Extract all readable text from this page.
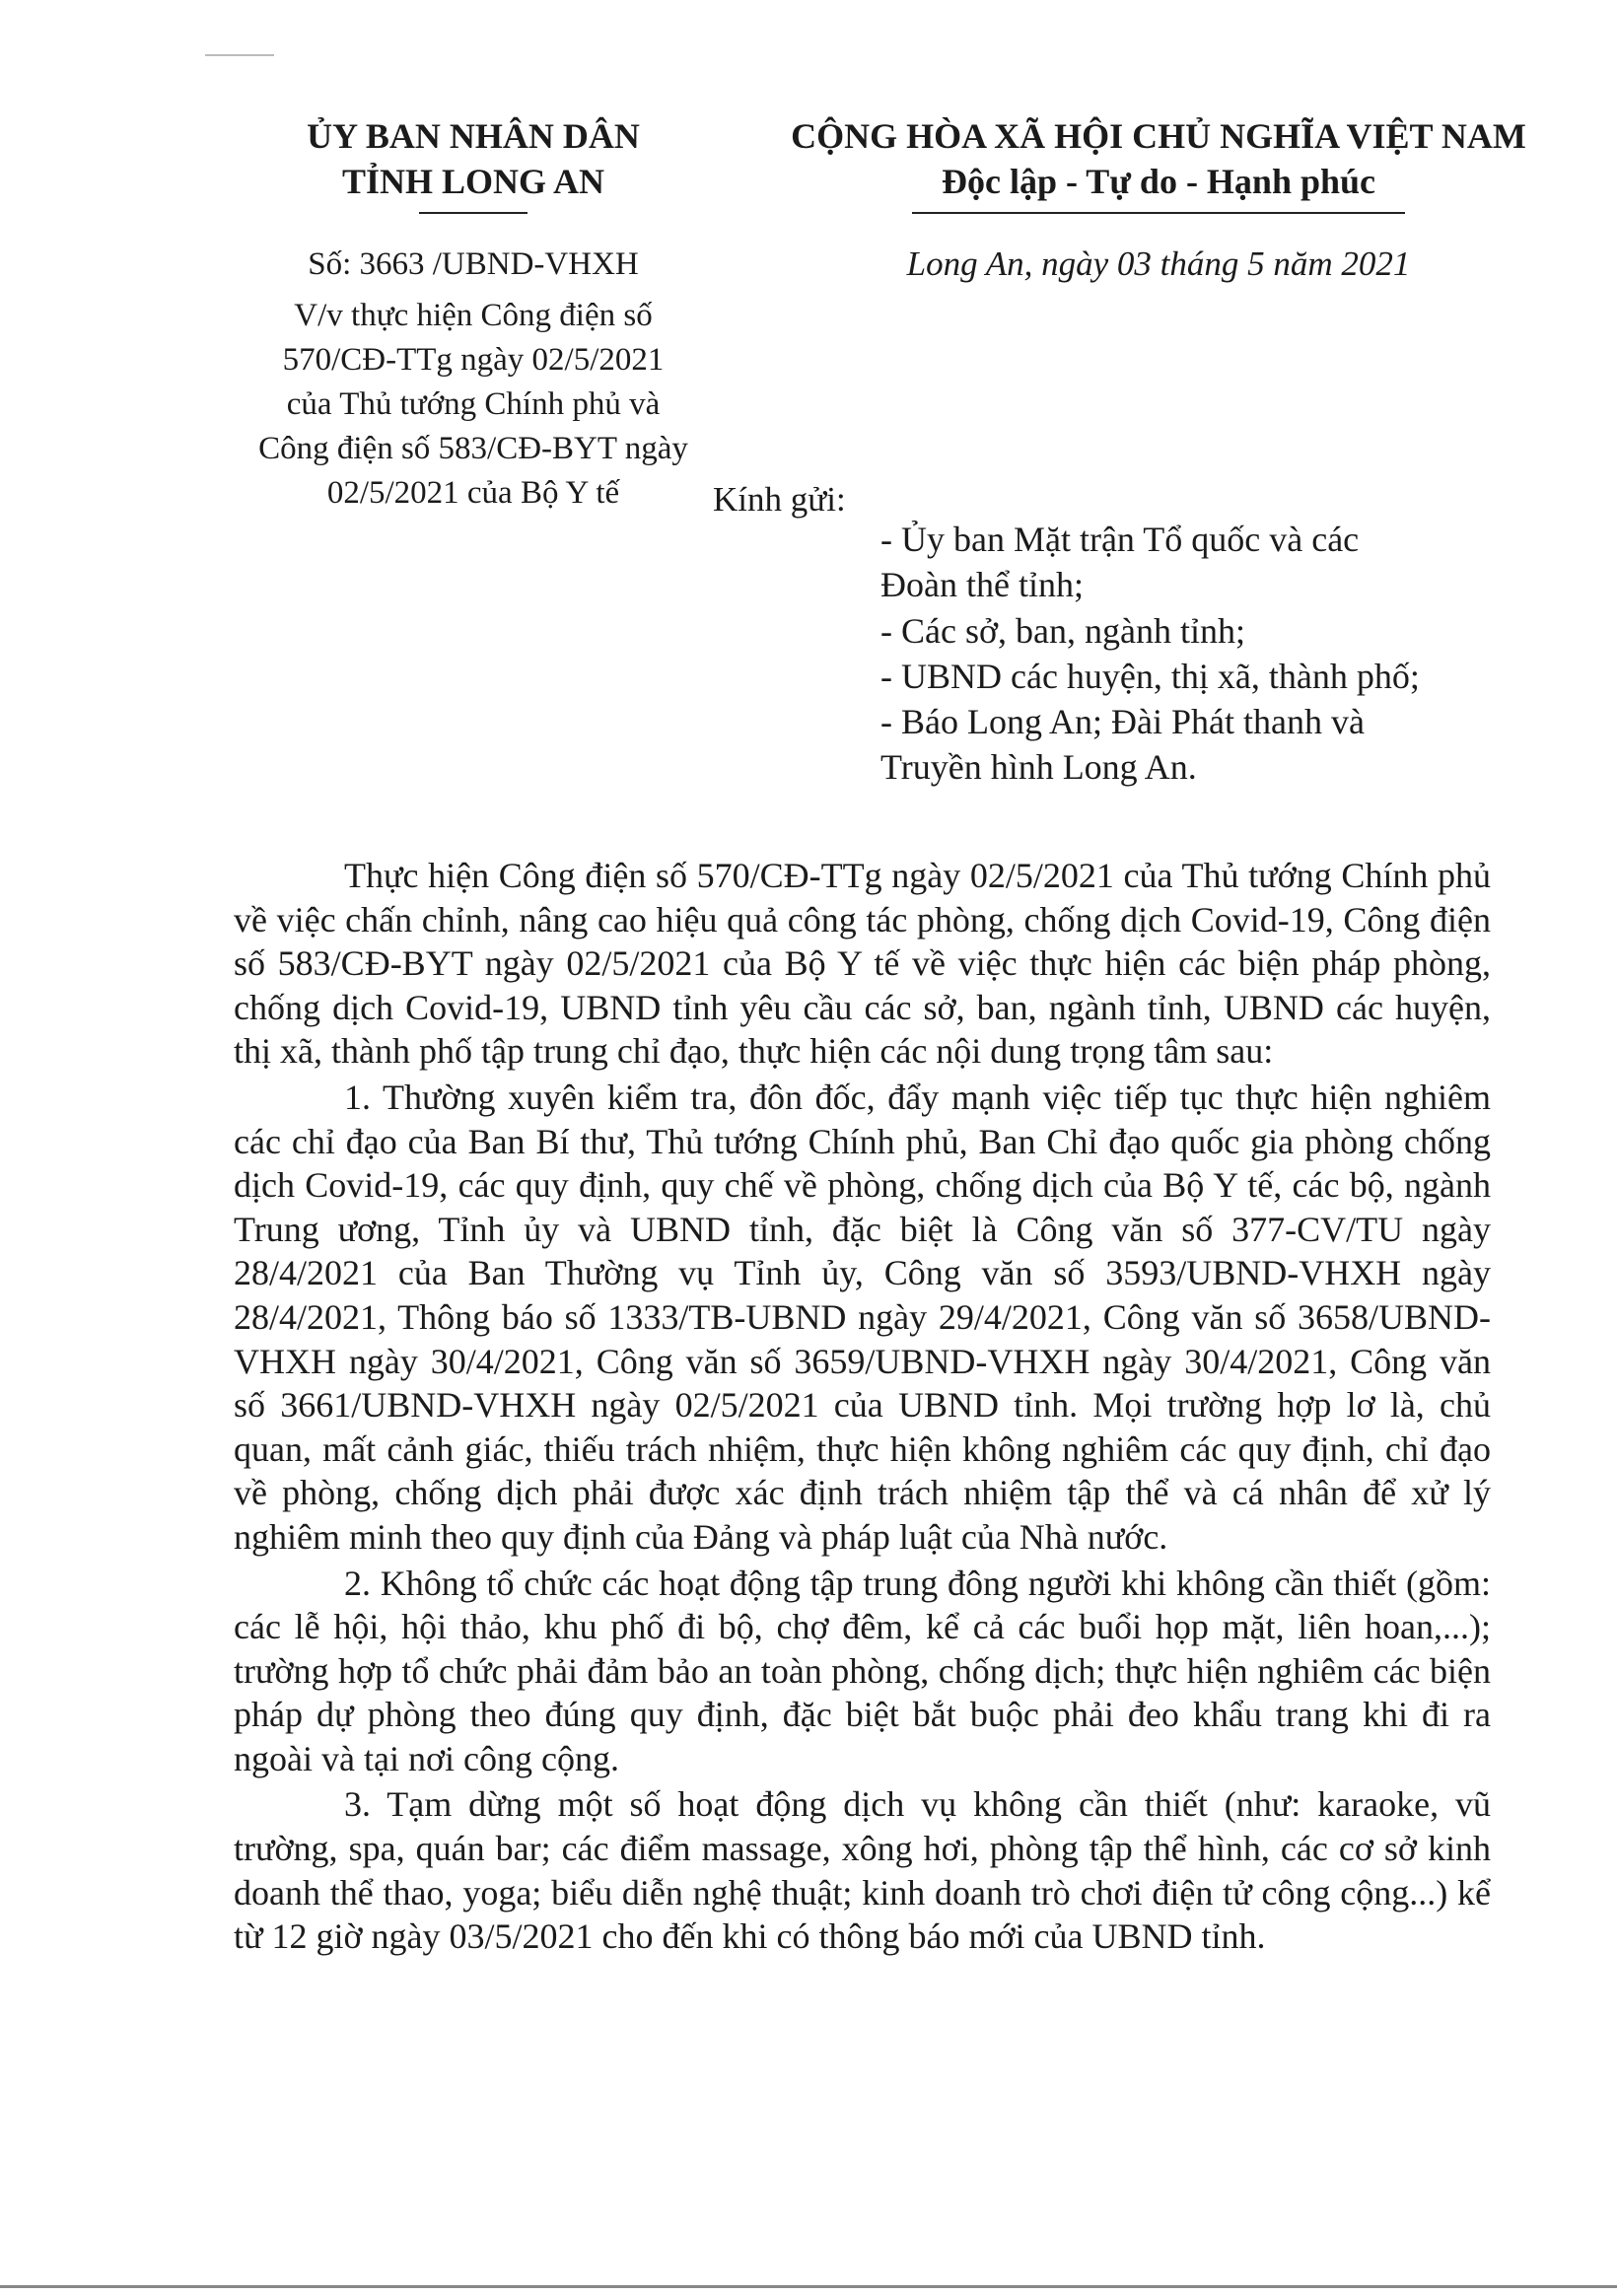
ỦY BAN NHÂN DÂN
TỈNH LONG AN
CỘNG HÒA XÃ HỘI CHỦ NGHĨA VIỆT NAM
Độc lập - Tự do - Hạnh phúc
Số: 3663 /UBND-VHXH	Long An, ngày 03 tháng 5 năm 2021
V/v thực hiện Công điện số
570/CĐ-TTg ngày 02/5/2021
của Thủ tướng Chính phủ và
Công điện số 583/CĐ-BYT ngày
02/5/2021 của Bộ Y tế	Kính gửi:
- Ủy ban Mặt trận Tổ quốc và các
Đoàn thể tỉnh;
- Các sở, ban, ngành tỉnh;
- UBND các huyện, thị xã, thành phố;
- Báo Long An; Đài Phát thanh và
Truyền hình Long An.

Thực hiện Công điện số 570/CĐ-TTg ngày 02/5/2021 của Thủ tướng Chính phủ về việc chấn chỉnh, nâng cao hiệu quả công tác phòng, chống dịch Covid-19, Công điện số 583/CĐ-BYT ngày 02/5/2021 của Bộ Y tế về việc thực hiện các biện pháp phòng, chống dịch Covid-19, UBND tỉnh yêu cầu các sở, ban, ngành tỉnh, UBND các huyện, thị xã, thành phố tập trung chỉ đạo, thực hiện các nội dung trọng tâm sau:

1. Thường xuyên kiểm tra, đôn đốc, đẩy mạnh việc tiếp tục thực hiện nghiêm các chỉ đạo của Ban Bí thư, Thủ tướng Chính phủ, Ban Chỉ đạo quốc gia phòng chống dịch Covid-19, các quy định, quy chế về phòng, chống dịch của Bộ Y tế, các bộ, ngành Trung ương, Tỉnh ủy và UBND tỉnh, đặc biệt là Công văn số 377-CV/TU ngày 28/4/2021 của Ban Thường vụ Tỉnh ủy, Công văn số 3593/UBND-VHXH ngày 28/4/2021, Thông báo số 1333/TB-UBND ngày 29/4/2021, Công văn số 3658/UBND-VHXH ngày 30/4/2021, Công văn số 3659/UBND-VHXH ngày 30/4/2021, Công văn số 3661/UBND-VHXH ngày 02/5/2021 của UBND tỉnh. Mọi trường hợp lơ là, chủ quan, mất cảnh giác, thiếu trách nhiệm, thực hiện không nghiêm các quy định, chỉ đạo về phòng, chống dịch phải được xác định trách nhiệm tập thể và cá nhân để xử lý nghiêm minh theo quy định của Đảng và pháp luật của Nhà nước.

2. Không tổ chức các hoạt động tập trung đông người khi không cần thiết (gồm: các lễ hội, hội thảo, khu phố đi bộ, chợ đêm, kể cả các buổi họp mặt, liên hoan,...); trường hợp tổ chức phải đảm bảo an toàn phòng, chống dịch; thực hiện nghiêm các biện pháp dự phòng theo đúng quy định, đặc biệt bắt buộc phải đeo khẩu trang khi đi ra ngoài và tại nơi công cộng.

3. Tạm dừng một số hoạt động dịch vụ không cần thiết (như: karaoke, vũ trường, spa, quán bar; các điểm massage, xông hơi, phòng tập thể hình, các cơ sở kinh doanh thể thao, yoga; biểu diễn nghệ thuật; kinh doanh trò chơi điện tử công cộng...) kể từ 12 giờ ngày 03/5/2021 cho đến khi có thông báo mới của UBND tỉnh.
